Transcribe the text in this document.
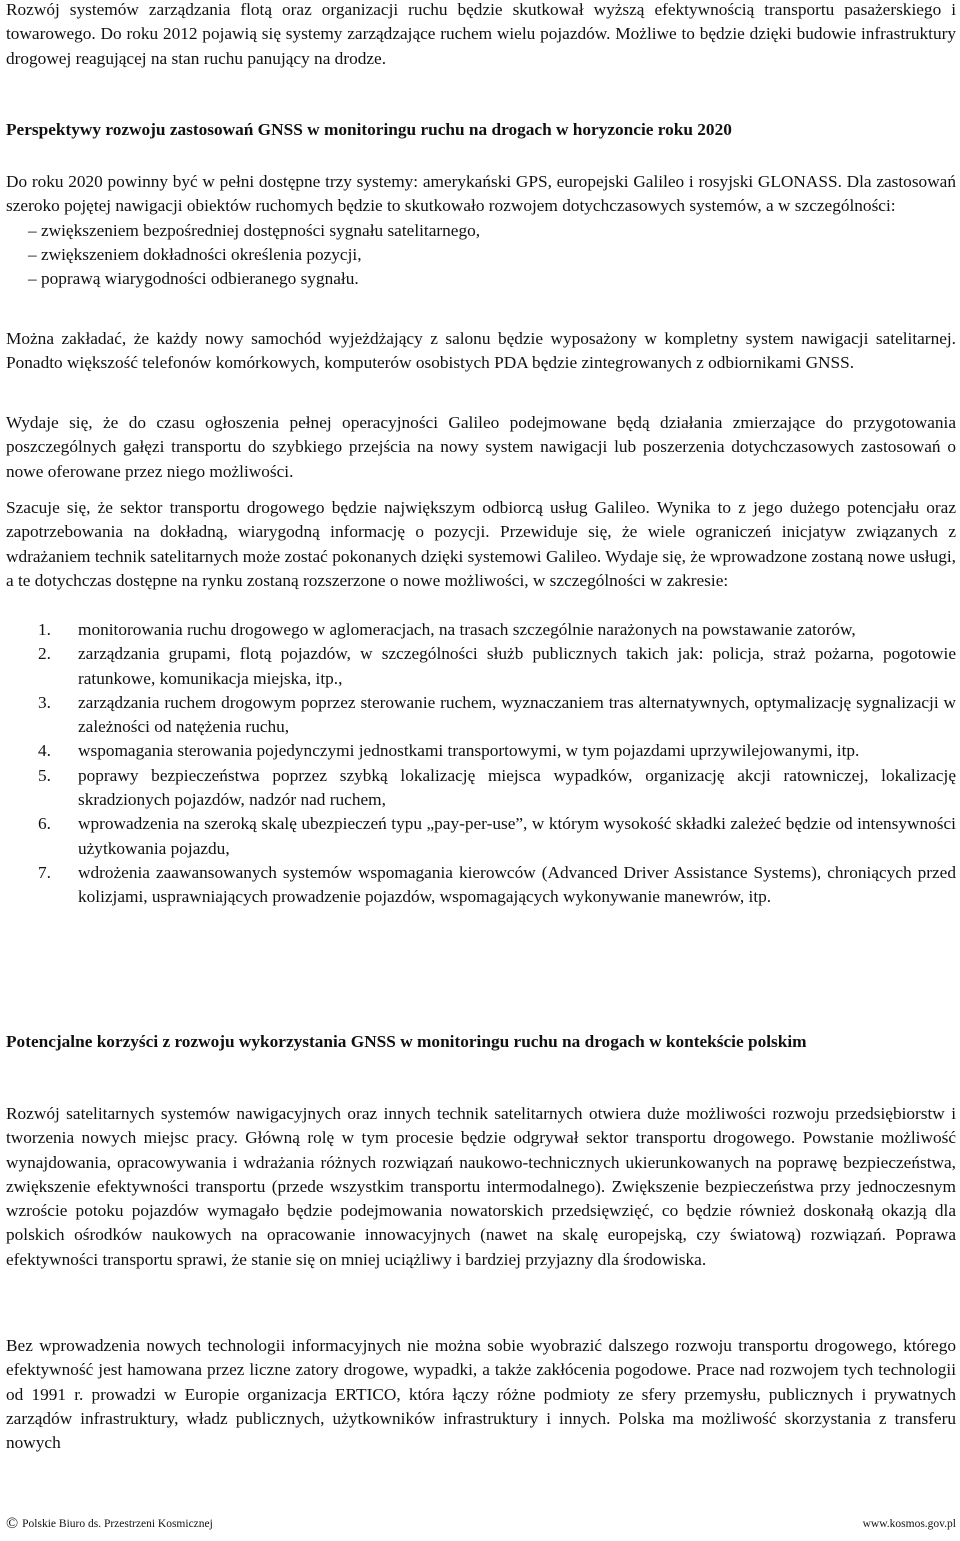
Rozwój systemów zarządzania flotą oraz organizacji ruchu będzie skutkował wyższą efektywnością transportu pasażerskiego i towarowego. Do roku 2012 pojawią się systemy zarządzające ruchem wielu pojazdów. Możliwe to będzie dzięki budowie infrastruktury drogowej reagującej na stan ruchu panujący na drodze.

Perspektywy rozwoju zastosowań GNSS w monitoringu ruchu na drogach w horyzoncie roku 2020

Do roku 2020 powinny być w pełni dostępne trzy systemy: amerykański GPS, europejski Galileo i rosyjski GLONASS. Dla zastosowań szeroko pojętej nawigacji obiektów ruchomych będzie to skutkowało rozwojem dotychczasowych systemów, a w szczególności:
– zwiększeniem bezpośredniej dostępności sygnału satelitarnego,
– zwiększeniem dokładności określenia pozycji,
– poprawą wiarygodności odbieranego sygnału.

Można zakładać, że każdy nowy samochód wyjeżdżający z salonu będzie wyposażony w kompletny system nawigacji satelitarnej. Ponadto większość telefonów komórkowych, komputerów osobistych PDA będzie zintegrowanych z odbiornikami GNSS.

Wydaje się, że do czasu ogłoszenia pełnej operacyjności Galileo podejmowane będą działania zmierzające do przygotowania poszczególnych gałęzi transportu do szybkiego przejścia na nowy system nawigacji lub poszerzenia dotychczasowych zastosowań o nowe oferowane przez niego możliwości.

Szacuje się, że sektor transportu drogowego będzie największym odbiorcą usług Galileo. Wynika to z jego dużego potencjału oraz zapotrzebowania na dokładną, wiarygodną informację o pozycji. Przewiduje się, że wiele ograniczeń inicjatyw związanych z wdrażaniem technik satelitarnych może zostać pokonanych dzięki systemowi Galileo. Wydaje się, że wprowadzone zostaną nowe usługi, a te dotychczas dostępne na rynku zostaną rozszerzone o nowe możliwości, w szczególności w zakresie:

1. monitorowania ruchu drogowego w aglomeracjach, na trasach szczególnie narażonych na powstawanie zatorów,
2. zarządzania grupami, flotą pojazdów, w szczególności służb publicznych takich jak: policja, straż pożarna, pogotowie ratunkowe, komunikacja miejska, itp.,
3. zarządzania ruchem drogowym poprzez sterowanie ruchem, wyznaczaniem tras alternatywnych, optymalizację sygnalizacji w zależności od natężenia ruchu,
4. wspomagania sterowania pojedynczymi jednostkami transportowymi, w tym pojazdami uprzywilejowanymi, itp.
5. poprawy bezpieczeństwa poprzez szybką lokalizację miejsca wypadków, organizację akcji ratowniczej, lokalizację skradzionych pojazdów, nadzór nad ruchem,
6. wprowadzenia na szeroką skalę ubezpieczeń typu „pay-per-use”, w którym wysokość składki zależeć będzie od intensywności użytkowania pojazdu,
7. wdrożenia zaawansowanych systemów wspomagania kierowców (Advanced Driver Assistance Systems), chroniących przed kolizjami, usprawniających prowadzenie pojazdów, wspomagających wykonywanie manewrów, itp.

Potencjalne korzyści z rozwoju wykorzystania GNSS w monitoringu ruchu na drogach w kontekście polskim

Rozwój satelitarnych systemów nawigacyjnych oraz innych technik satelitarnych otwiera duże możliwości rozwoju przedsiębiorstw i tworzenia nowych miejsc pracy. Główną rolę w tym procesie będzie odgrywał sektor transportu drogowego. Powstanie możliwość wynajdowania, opracowywania i wdrażania różnych rozwiązań naukowo-technicznych ukierunkowanych na poprawę bezpieczeństwa, zwiększenie efektywności transportu (przede wszystkim transportu intermodalnego). Zwiększenie bezpieczeństwa przy jednoczesnym wzroście potoku pojazdów wymagało będzie podejmowania nowatorskich przedsięwzięć, co będzie również doskonałą okazją dla polskich ośrodków naukowych na opracowanie innowacyjnych (nawet na skalę europejską, czy światową) rozwiązań. Poprawa efektywności transportu sprawi, że stanie się on mniej uciążliwy i bardziej przyjazny dla środowiska.

Bez wprowadzenia nowych technologii informacyjnych nie można sobie wyobrazić dalszego rozwoju transportu drogowego, którego efektywność jest hamowana przez liczne zatory drogowe, wypadki, a także zakłócenia pogodowe. Prace nad rozwojem tych technologii od 1991 r. prowadzi w Europie organizacja ERTICO, która łączy różne podmioty ze sfery przemysłu, publicznych i prywatnych zarządów infrastruktury, władz publicznych, użytkowników infrastruktury i innych. Polska ma możliwość skorzystania z transferu nowych

© Polskie Biuro ds. Przestrzeni Kosmicznej	www.kosmos.gov.pl
